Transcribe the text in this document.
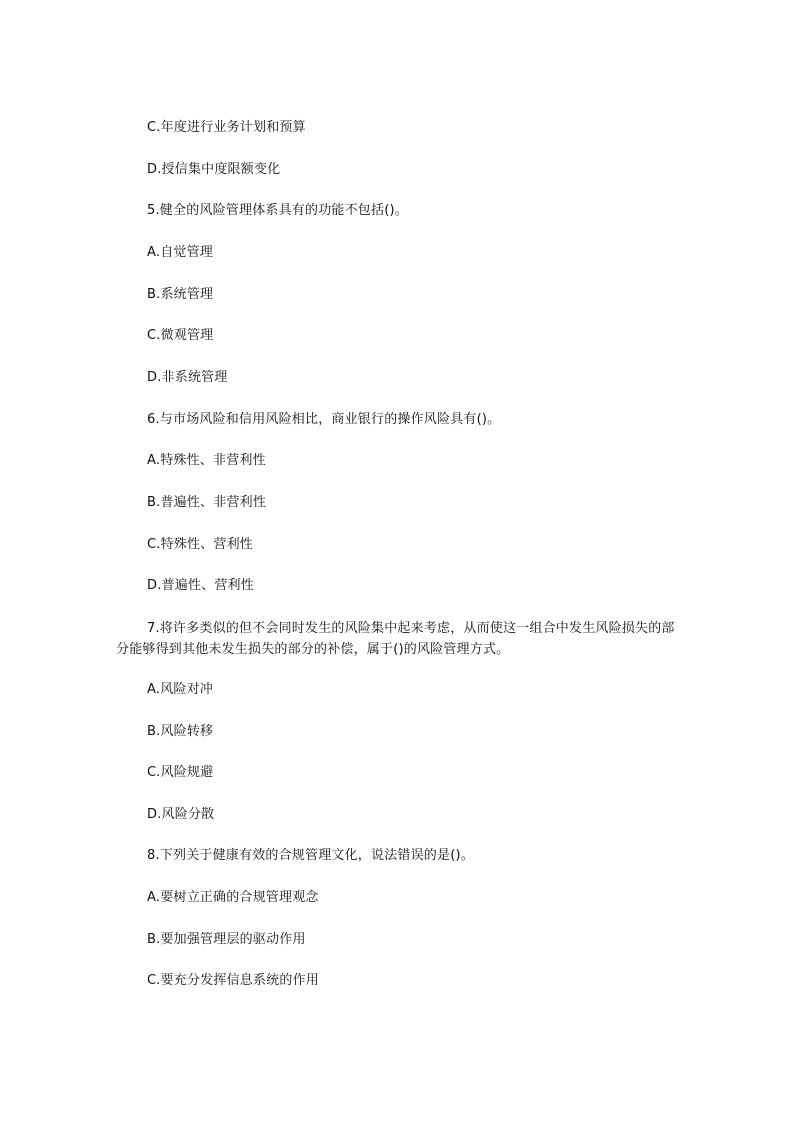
C.年度进行业务计划和预算
D.授信集中度限额变化
5.健全的风险管理体系具有的功能不包括()。
A.自觉管理
B.系统管理
C.微观管理
D.非系统管理
6.与市场风险和信用风险相比，商业银行的操作风险具有()。
A.特殊性、非营利性
B.普遍性、非营利性
C.特殊性、营利性
D.普遍性、营利性
7.将许多类似的但不会同时发生的风险集中起来考虑，从而使这一组合中发生风险损失的部分能够得到其他未发生损失的部分的补偿，属于()的风险管理方式。
A.风险对冲
B.风险转移
C.风险规避
D.风险分散
8.下列关于健康有效的合规管理文化，说法错误的是()。
A.要树立正确的合规管理观念
B.要加强管理层的驱动作用
C.要充分发挥信息系统的作用
